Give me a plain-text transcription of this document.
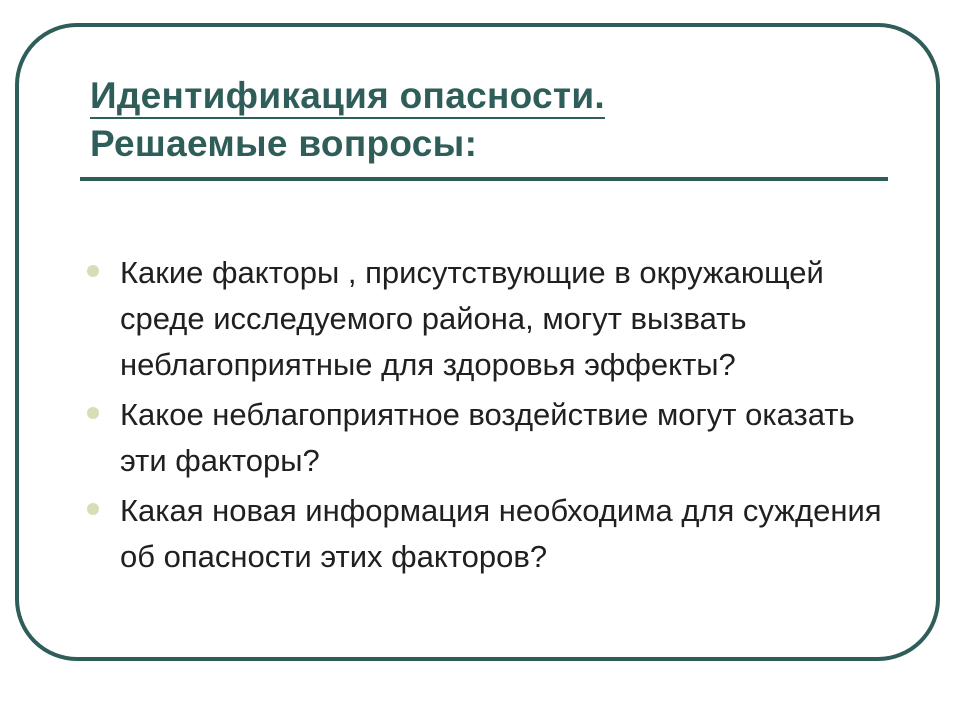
Идентификация опасности.
Решаемые вопросы:
Какие факторы , присутствующие в окружающей среде исследуемого района, могут вызвать неблагоприятные для здоровья эффекты?
Какое неблагоприятное воздействие могут оказать эти факторы?
Какая новая информация необходима для суждения об опасности этих факторов?
